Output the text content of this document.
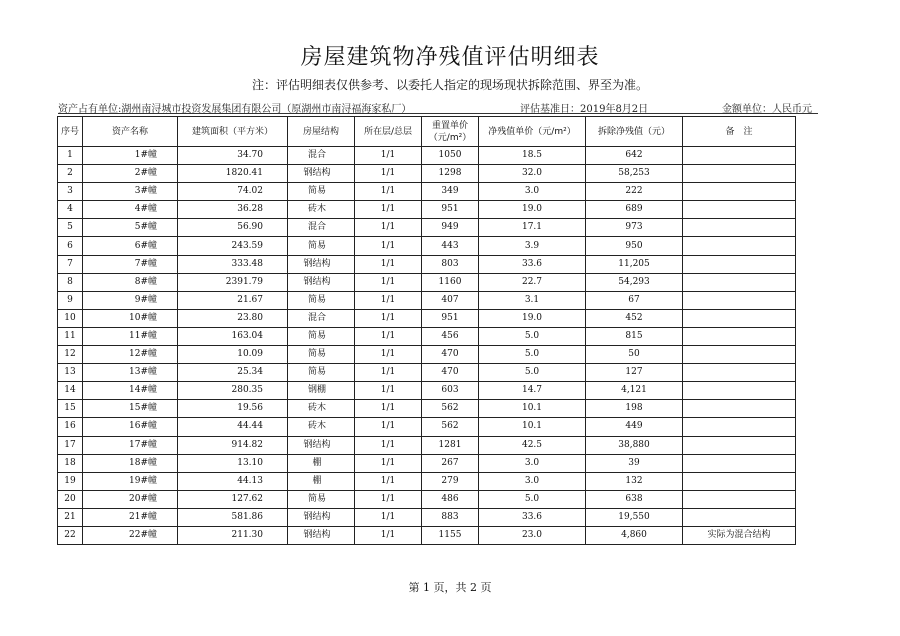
房屋建筑物净残值评估明细表
注：评估明细表仅供参考、以委托人指定的现场现状拆除范围、界至为准。
资产占有单位:湖州南浔城市投资发展集团有限公司（原湖州市南浔福海家私厂）	评估基准日：2019年8月2日	金额单位：人民币元
序号	资产名称	建筑面积（平方米）	房屋结构	所在层/总层	重置单价（元/m²）	净残值单价（元/m²）	拆除净残值（元）	备　注
1	1#幢	34.70	混合	1/1	1050	18.5	642	
2	2#幢	1820.41	钢结构	1/1	1298	32.0	58,253	
3	3#幢	74.02	简易	1/1	349	3.0	222	
4	4#幢	36.28	砖木	1/1	951	19.0	689	
5	5#幢	56.90	混合	1/1	949	17.1	973	
6	6#幢	243.59	简易	1/1	443	3.9	950	
7	7#幢	333.48	钢结构	1/1	803	33.6	11,205	
8	8#幢	2391.79	钢结构	1/1	1160	22.7	54,293	
9	9#幢	21.67	简易	1/1	407	3.1	67	
10	10#幢	23.80	混合	1/1	951	19.0	452	
11	11#幢	163.04	简易	1/1	456	5.0	815	
12	12#幢	10.09	简易	1/1	470	5.0	50	
13	13#幢	25.34	简易	1/1	470	5.0	127	
14	14#幢	280.35	钢棚	1/1	603	14.7	4,121	
15	15#幢	19.56	砖木	1/1	562	10.1	198	
16	16#幢	44.44	砖木	1/1	562	10.1	449	
17	17#幢	914.82	钢结构	1/1	1281	42.5	38,880	
18	18#幢	13.10	棚	1/1	267	3.0	39	
19	19#幢	44.13	棚	1/1	279	3.0	132	
20	20#幢	127.62	简易	1/1	486	5.0	638	
21	21#幢	581.86	钢结构	1/1	883	33.6	19,550	
22	22#幢	211.30	钢结构	1/1	1155	23.0	4,860	实际为混合结构
第 1 页，共 2 页
